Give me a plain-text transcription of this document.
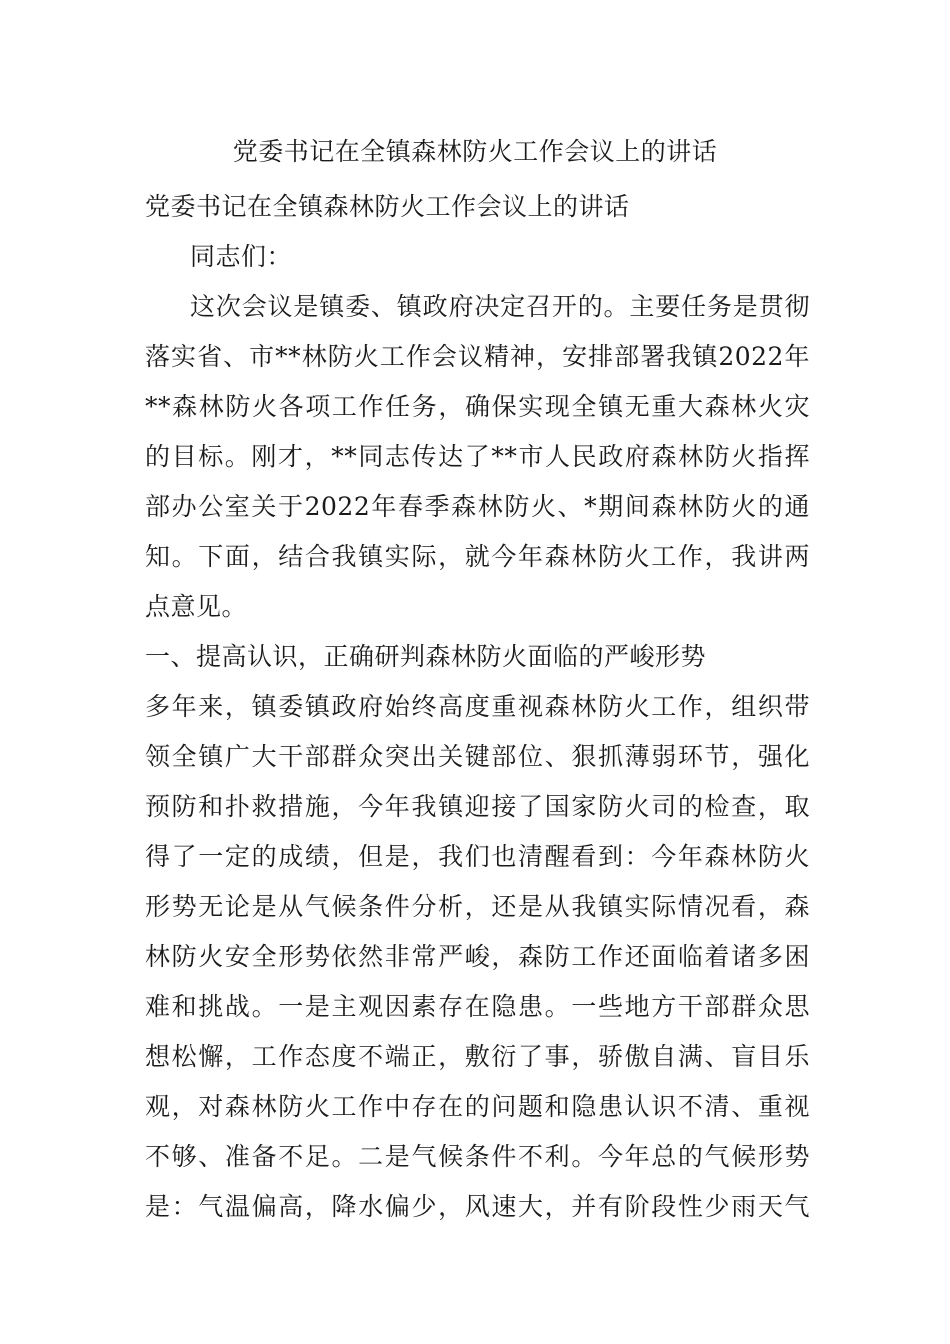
党委书记在全镇森林防火工作会议上的讲话
党委书记在全镇森林防火工作会议上的讲话
同志们：
这次会议是镇委、镇政府决定召开的。主要任务是贯彻
落实省、市**林防火工作会议精神，安排部署我镇2022年
**森林防火各项工作任务，确保实现全镇无重大森林火灾
的目标。刚才，**同志传达了**市人民政府森林防火指挥
部办公室关于2022年春季森林防火、*期间森林防火的通
知。下面，结合我镇实际，就今年森林防火工作，我讲两
点意见。
一、提高认识，正确研判森林防火面临的严峻形势
多年来，镇委镇政府始终高度重视森林防火工作，组织带
领全镇广大干部群众突出关键部位、狠抓薄弱环节，强化
预防和扑救措施，今年我镇迎接了国家防火司的检查，取
得了一定的成绩，但是，我们也清醒看到：今年森林防火
形势无论是从气候条件分析，还是从我镇实际情况看，森
林防火安全形势依然非常严峻，森防工作还面临着诸多困
难和挑战。一是主观因素存在隐患。一些地方干部群众思
想松懈，工作态度不端正，敷衍了事，骄傲自满、盲目乐
观，对森林防火工作中存在的问题和隐患认识不清、重视
不够、准备不足。二是气候条件不利。今年总的气候形势
是：气温偏高，降水偏少，风速大，并有阶段性少雨天气
